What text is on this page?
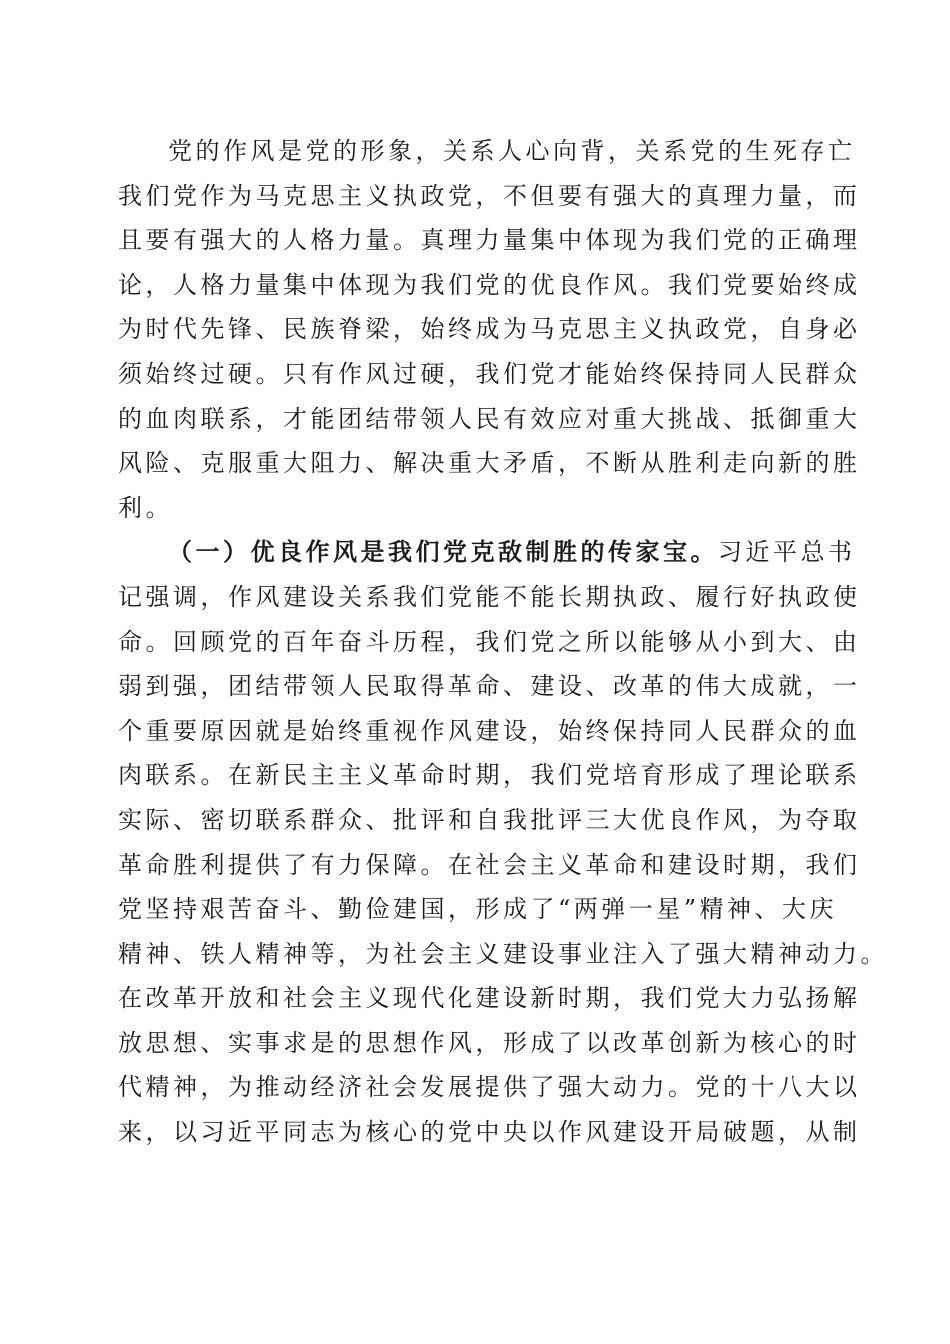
党的作风是党的形象，关系人心向背，关系党的生死存亡
我们党作为马克思主义执政党，不但要有强大的真理力量，而
且要有强大的人格力量。真理力量集中体现为我们党的正确理
论，人格力量集中体现为我们党的优良作风。我们党要始终成
为时代先锋、民族脊梁，始终成为马克思主义执政党，自身必
须始终过硬。只有作风过硬，我们党才能始终保持同人民群众
的血肉联系，才能团结带领人民有效应对重大挑战、抵御重大
风险、克服重大阻力、解决重大矛盾，不断从胜利走向新的胜
利。
（一）优良作风是我们党克敌制胜的传家宝。习近平总书
记强调，作风建设关系我们党能不能长期执政、履行好执政使
命。回顾党的百年奋斗历程，我们党之所以能够从小到大、由
弱到强，团结带领人民取得革命、建设、改革的伟大成就，一
个重要原因就是始终重视作风建设，始终保持同人民群众的血
肉联系。在新民主主义革命时期，我们党培育形成了理论联系
实际、密切联系群众、批评和自我批评三大优良作风，为夺取
革命胜利提供了有力保障。在社会主义革命和建设时期，我们
党坚持艰苦奋斗、勤俭建国，形成了“两弹一星”精神、大庆
精神、铁人精神等，为社会主义建设事业注入了强大精神动力。
在改革开放和社会主义现代化建设新时期，我们党大力弘扬解
放思想、实事求是的思想作风，形成了以改革创新为核心的时
代精神，为推动经济社会发展提供了强大动力。党的十八大以
来，以习近平同志为核心的党中央以作风建设开局破题，从制
